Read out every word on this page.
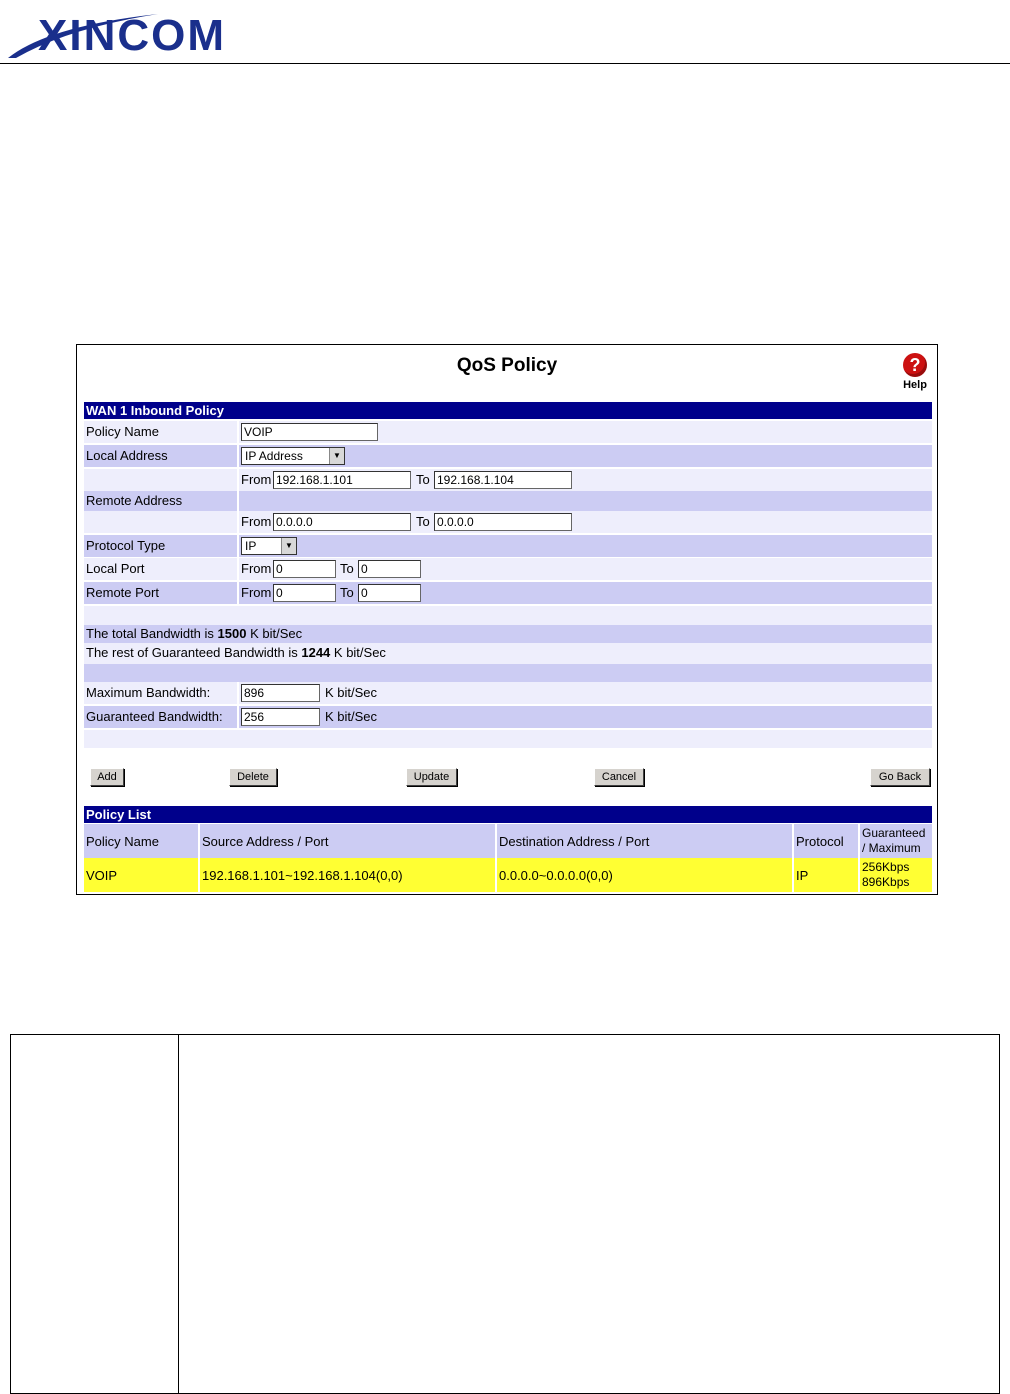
XINCOM
QoS Policy	?
Help
WAN 1 Inbound Policy
Policy Name	VOIP
Local Address	IP Address	▼
From 192.168.1.101	To 192.168.1.104
Remote Address
From 0.0.0.0	To 0.0.0.0
Protocol Type	IP	▼
Local Port	From 0	To 0
Remote Port	From 0	To 0
The total Bandwidth is 1500 K bit/Sec
The rest of Guaranteed Bandwidth is 1244 K bit/Sec
Maximum Bandwidth:	896	K bit/Sec
Guaranteed Bandwidth: 256	K bit/Sec
Add	Delete	Update	Cancel	Go Back
Policy List
Policy Name	Source Address / Port	Destination Address / Port	Protocol	Guaranteed
/ Maximum
VOIP	192.168.1.101~192.168.1.104(0,0)	0.0.0.0~0.0.0.0(0,0)	IP	256Kbps
896Kbps
